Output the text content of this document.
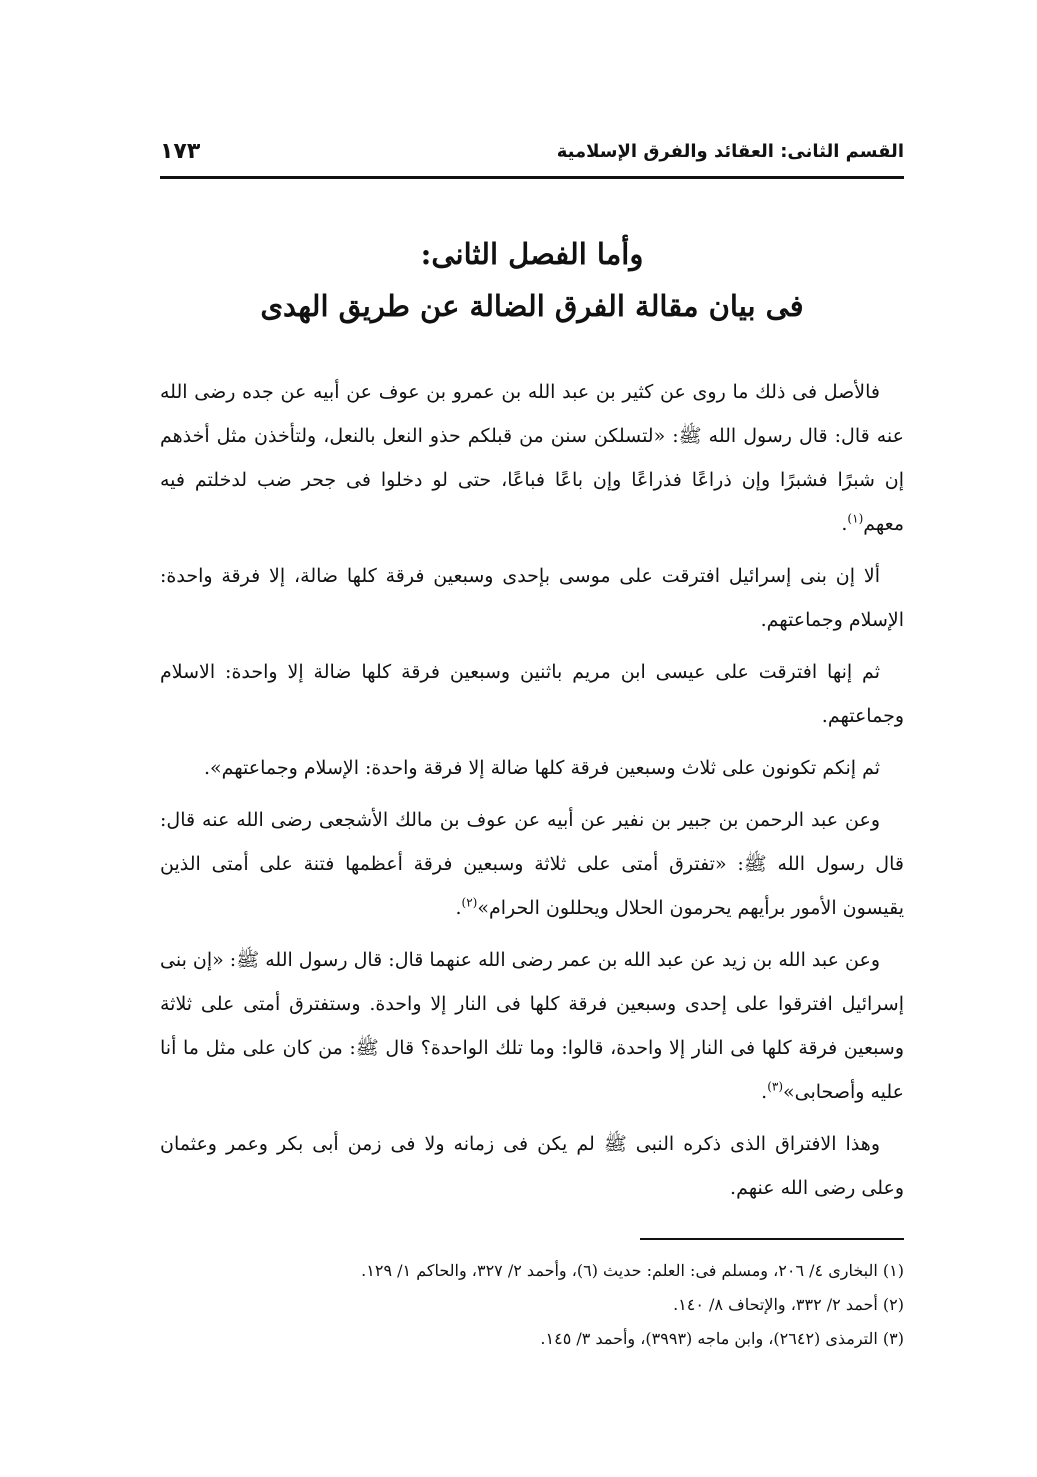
القسم الثانى: العقائد والفرق الإسلامية
١٧٣
وأما الفصل الثانى:
فى بيان مقالة الفرق الضالة عن طريق الهدى

فالأصل فى ذلك ما روى عن كثير بن عبد الله بن عمرو بن عوف عن أبيه عن جده رضى الله عنه قال: قال رسول الله ﷺ: «لتسلكن سنن من قبلكم حذو النعل بالنعل، ولتأخذن مثل أخذهم إن شبرًا فشبرًا وإن ذراعًا فذراعًا وإن باعًا فباعًا، حتى لو دخلوا فى جحر ضب لدخلتم فيه معهم$^{(١)}$.

ألا إن بنى إسرائيل افترقت على موسى بإحدى وسبعين فرقة كلها ضالة، إلا فرقة واحدة: الإسلام وجماعتهم.

ثم إنها افترقت على عيسى ابن مريم باثنين وسبعين فرقة كلها ضالة إلا واحدة: الاسلام وجماعتهم.

ثم إنكم تكونون على ثلاث وسبعين فرقة كلها ضالة إلا فرقة واحدة: الإسلام وجماعتهم».

وعن عبد الرحمن بن جبير بن نفير عن أبيه عن عوف بن مالك الأشجعى رضى الله عنه قال: قال رسول الله ﷺ: «تفترق أمتى على ثلاثة وسبعين فرقة أعظمها فتنة على أمتى الذين يقيسون الأمور برأيهم يحرمون الحلال ويحللون الحرام»$^{(٢)}$.

وعن عبد الله بن زيد عن عبد الله بن عمر رضى الله عنهما قال: قال رسول الله ﷺ: «إن بنى إسرائيل افترقوا على إحدى وسبعين فرقة كلها فى النار إلا واحدة. وستفترق أمتى على ثلاثة وسبعين فرقة كلها فى النار إلا واحدة، قالوا: وما تلك الواحدة؟ قال ﷺ: من كان على مثل ما أنا عليه وأصحابى»$^{(٣)}$.

وهذا الافتراق الذى ذكره النبى ﷺ لم يكن فى زمانه ولا فى زمن أبى بكر وعمر وعثمان وعلى رضى الله عنهم.

(١) البخارى ٤/ ٢٠٦، ومسلم فى: العلم: حديث (٦)، وأحمد ٢/ ٣٢٧، والحاكم ١/ ١٢٩.
(٢) أحمد ٢/ ٣٣٢، والإتحاف ٨/ ١٤٠.
(٣) الترمذى (٢٦٤٢)، وابن ماجه (٣٩٩٣)، وأحمد ٣/ ١٤٥.
